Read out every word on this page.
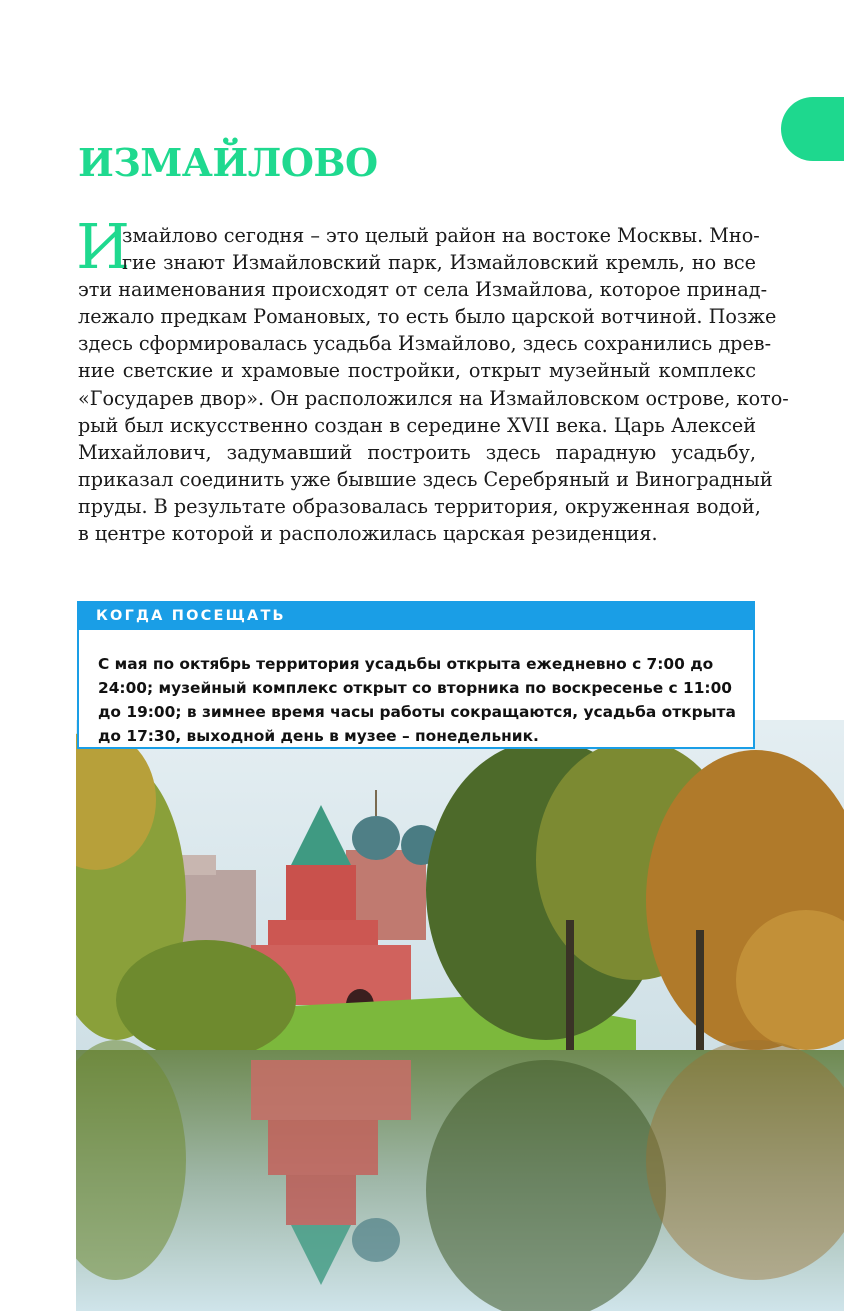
ИЗМАЙЛОВО
И

змайлово сегодня – это целый район на востоке Москвы. Мно-
гие знают Измайловский парк, Измайловский кремль, но все
эти наименования происходят от села Измайлова, которое принад-
лежало предкам Романовых, то есть было царской вотчиной. Позже
здесь сформировалась усадьба Измайлово, здесь сохранились древ-
ние светские и храмовые постройки, открыт музейный комплекс
«Государев двор». Он расположился на Измайловском острове, кото-
рый был искусственно создан в середине XVII века. Царь Алексей
Михайлович, задумавший построить здесь парадную усадьбу,
приказал соединить уже бывшие здесь Серебряный и Виноградный
пруды. В результате образовалась территория, окруженная водой,
в центре которой и расположилась царская резиденция.

КОГДА ПОСЕЩАТЬ

С мая по октябрь территория усадьбы открыта ежедневно с 7:00 до
24:00; музейный комплекс открыт со вторника по воскресенье с 11:00
до 19:00; в зимнее время часы работы сокращаются, усадьба открыта
до 17:30, выходной день в музее – понедельник.
